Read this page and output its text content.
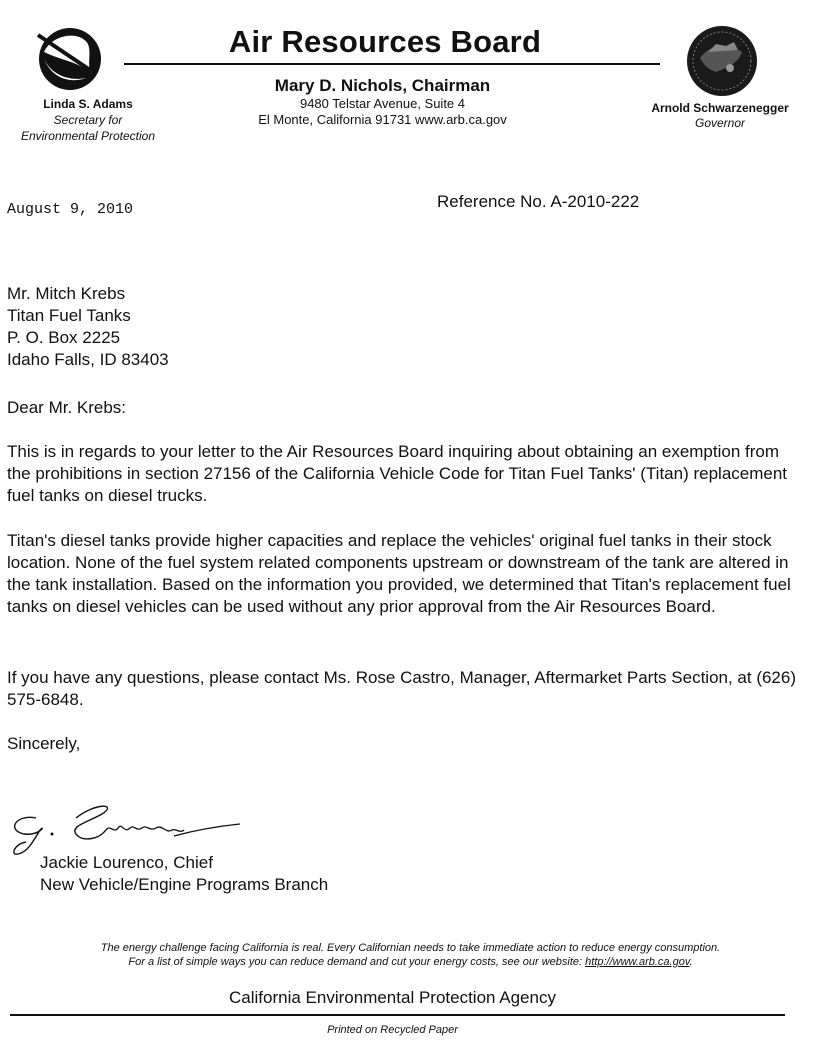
Linda S. Adams
Secretary for
Environmental Protection
Air Resources Board
Mary D. Nichols, Chairman
9480 Telstar Avenue, Suite 4
El Monte, California 91731 www.arb.ca.gov
Arnold Schwarzenegger
Governor
August 9, 2010	Reference No. A-2010-222
Mr. Mitch Krebs
Titan Fuel Tanks
P. O. Box 2225
Idaho Falls, ID 83403
Dear Mr. Krebs:
This is in regards to your letter to the Air Resources Board inquiring about obtaining an exemption from the prohibitions in section 27156 of the California Vehicle Code for Titan Fuel Tanks' (Titan) replacement fuel tanks on diesel trucks.
Titan's diesel tanks provide higher capacities and replace the vehicles' original fuel tanks in their stock location. None of the fuel system related components upstream or downstream of the tank are altered in the tank installation. Based on the information you provided, we determined that Titan's replacement fuel tanks on diesel vehicles can be used without any prior approval from the Air Resources Board.
If you have any questions, please contact Ms. Rose Castro, Manager, Aftermarket Parts Section, at (626) 575-6848.
Sincerely,
Jackie Lourenco, Chief
New Vehicle/Engine Programs Branch
The energy challenge facing California is real. Every Californian needs to take immediate action to reduce energy consumption.
For a list of simple ways you can reduce demand and cut your energy costs, see our website: http://www.arb.ca.gov.
California Environmental Protection Agency
Printed on Recycled Paper
